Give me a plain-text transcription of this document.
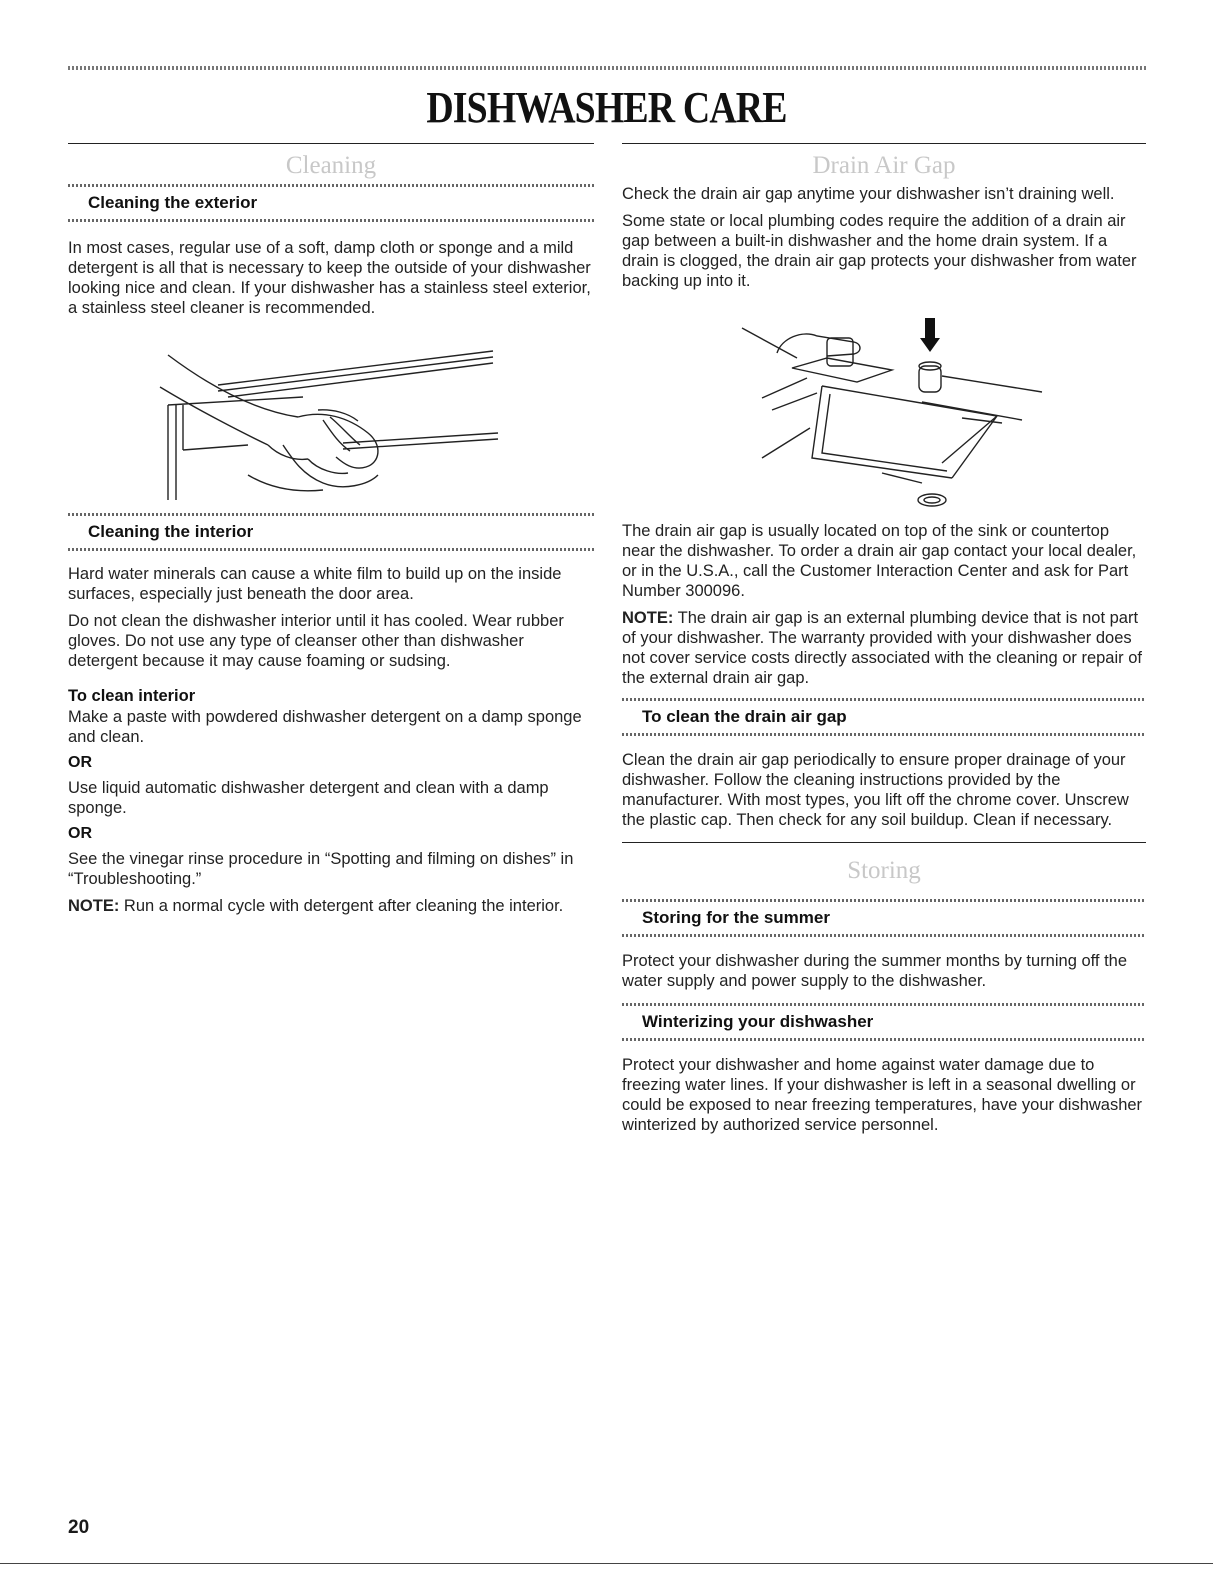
DISHWASHER CARE
Cleaning
Cleaning the exterior

In most cases, regular use of a soft, damp cloth or sponge and a mild detergent is all that is necessary to keep the outside of your dishwasher looking nice and clean. If your dishwasher has a stainless steel exterior, a stainless steel cleaner is recommended.

Cleaning the interior

Hard water minerals can cause a white film to build up on the inside surfaces, especially just beneath the door area.

Do not clean the dishwasher interior until it has cooled. Wear rubber gloves. Do not use any type of cleanser other than dishwasher detergent because it may cause foaming or sudsing.

To clean interior

Make a paste with powdered dishwasher detergent on a damp sponge and clean.

OR

Use liquid automatic dishwasher detergent and clean with a damp sponge.

OR

See the vinegar rinse procedure in “Spotting and filming on dishes” in “Troubleshooting.”

NOTE: Run a normal cycle with detergent after cleaning the interior.

Drain Air Gap

Check the drain air gap anytime your dishwasher isn’t draining well.

Some state or local plumbing codes require the addition of a drain air gap between a built-in dishwasher and the home drain system. If a drain is clogged, the drain air gap protects your dishwasher from water backing up into it.

The drain air gap is usually located on top of the sink or countertop near the dishwasher. To order a drain air gap contact your local dealer, or in the U.S.A., call the Customer Interaction Center and ask for Part Number 300096.

NOTE: The drain air gap is an external plumbing device that is not part of your dishwasher. The warranty provided with your dishwasher does not cover service costs directly associated with the cleaning or repair of the external drain air gap.

To clean the drain air gap

Clean the drain air gap periodically to ensure proper drainage of your dishwasher. Follow the cleaning instructions provided by the manufacturer. With most types, you lift off the chrome cover. Unscrew the plastic cap. Then check for any soil buildup. Clean if necessary.

Storing
Storing for the summer

Protect your dishwasher during the summer months by turning off the water supply and power supply to the dishwasher.

Winterizing your dishwasher

Protect your dishwasher and home against water damage due to freezing water lines. If your dishwasher is left in a seasonal dwelling or could be exposed to near freezing temperatures, have your dishwasher winterized by authorized service personnel.

20
